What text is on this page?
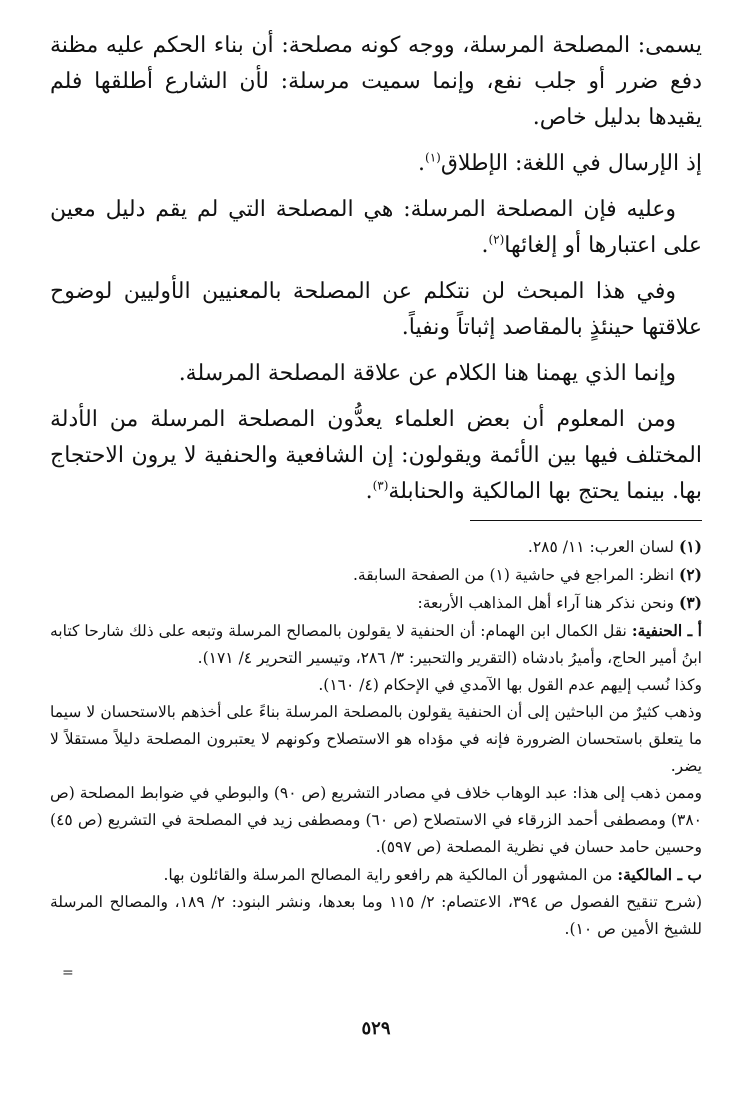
يسمى: المصلحة المرسلة، ووجه كونه مصلحة: أن بناء الحكم عليه مظنة دفع ضرر أو جلب نفع، وإنما سميت مرسلة: لأن الشارع أطلقها فلم يقيدها بدليل خاص.

إذ الإرسال في اللغة: الإطلاق$^{(١)}$.

وعليه فإن المصلحة المرسلة: هي المصلحة التي لم يقم دليل معين على اعتبارها أو إلغائها$^{(٢)}$.

وفي هذا المبحث لن نتكلم عن المصلحة بالمعنيين الأوليين لوضوح علاقتها حينئذٍ بالمقاصد إثباتاً ونفياً.

وإنما الذي يهمنا هنا الكلام عن علاقة المصلحة المرسلة.

ومن المعلوم أن بعض العلماء يعدُّون المصلحة المرسلة من الأدلة المختلف فيها بين الأئمة ويقولون: إن الشافعية والحنفية لا يرون الاحتجاج بها. بينما يحتج بها المالكية والحنابلة$^{(٣)}$.

(١)لسان العرب: ١١/ ٢٨٥.

(٢)انظر: المراجع في حاشية (١) من الصفحة السابقة.

(٣)ونحن نذكر هنا آراء أهل المذاهب الأربعة:

أ ـ الحنفية: نقل الكمال ابن الهمام: أن الحنفية لا يقولون بالمصالح المرسلة وتبعه على ذلك شارحا كتابه ابنُ أمير الحاج، وأميرُ بادشاه (التقرير والتحبير: ٣/ ٢٨٦، وتيسير التحرير ٤/ ١٧١).

وكذا نُسب إليهم عدم القول بها الآمدي في الإحكام (٤/ ١٦٠).

وذهب كثيرٌ من الباحثين إلى أن الحنفية يقولون بالمصلحة المرسلة بناءً على أخذهم بالاستحسان لا سيما ما يتعلق باستحسان الضرورة فإنه في مؤداه هو الاستصلاح وكونهم لا يعتبرون المصلحة دليلاً مستقلاً لا يضر.

وممن ذهب إلى هذا: عبد الوهاب خلاف في مصادر التشريع (ص ٩٠) والبوطي في ضوابط المصلحة (ص ٣٨٠) ومصطفى أحمد الزرقاء في الاستصلاح (ص ٦٠) ومصطفى زيد في المصلحة في التشريع (ص ٤٥) وحسين حامد حسان في نظرية المصلحة (ص ٥٩٧).

ب ـ المالكية: من المشهور أن المالكية هم رافعو راية المصالح المرسلة والقائلون بها.

(شرح تنقيح الفصول ص ٣٩٤، الاعتصام: ٢/ ١١٥ وما بعدها، ونشر البنود: ٢/ ١٨٩، والمصالح المرسلة للشيخ الأمين ص ١٠).

=
٥٢٩
